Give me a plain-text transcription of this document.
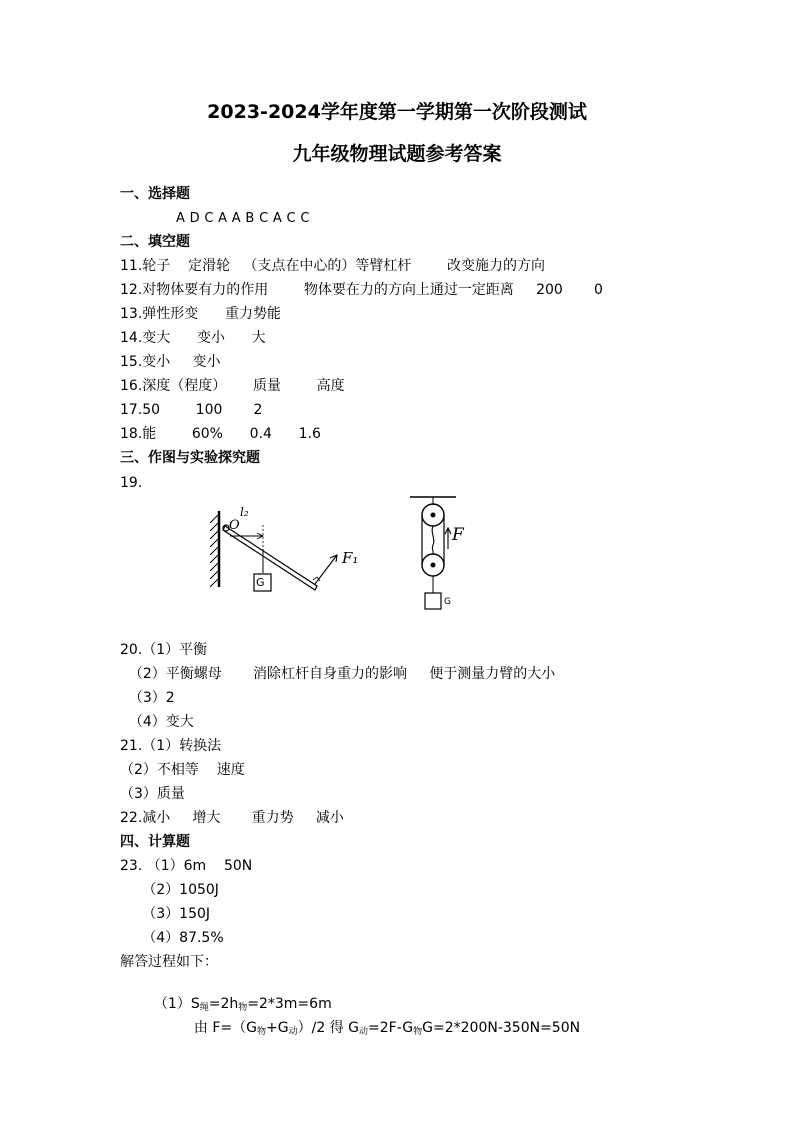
2023-2024学年度第一学期第一次阶段测试
九年级物理试题参考答案
一、选择题
A D C A A B C A C C
二、填空题
11.轮子    定滑轮   （支点在中心的）等臂杠杆        改变施力的方向
12.对物体要有力的作用        物体要在力的方向上通过一定距离     200       0
13.弹性形变      重力势能
14.变大      变小      大
15.变小     变小
16.深度（程度）      质量        高度
17.50        100       2
18.能        60%      0.4      1.6
三、作图与实验探究题
19.
O
l₂
G
F₁
F
G
20.（1）平衡
（2）平衡螺母       消除杠杆自身重力的影响     便于测量力臂的大小
（3）2
（4）变大
21.（1）转换法
（2）不相等    速度
（3）质量
22.减小     增大       重力势     减小
四、计算题
23. （1）6m    50N
（2）1050J
（3）150J
（4）87.5%
解答过程如下：

$(1)S_绳=2h_物=2*3m=6m$

由 $F=(G_物+G_动)/2$ 得 $G_动=2F-G_物G=2*200N-350N=50N$
